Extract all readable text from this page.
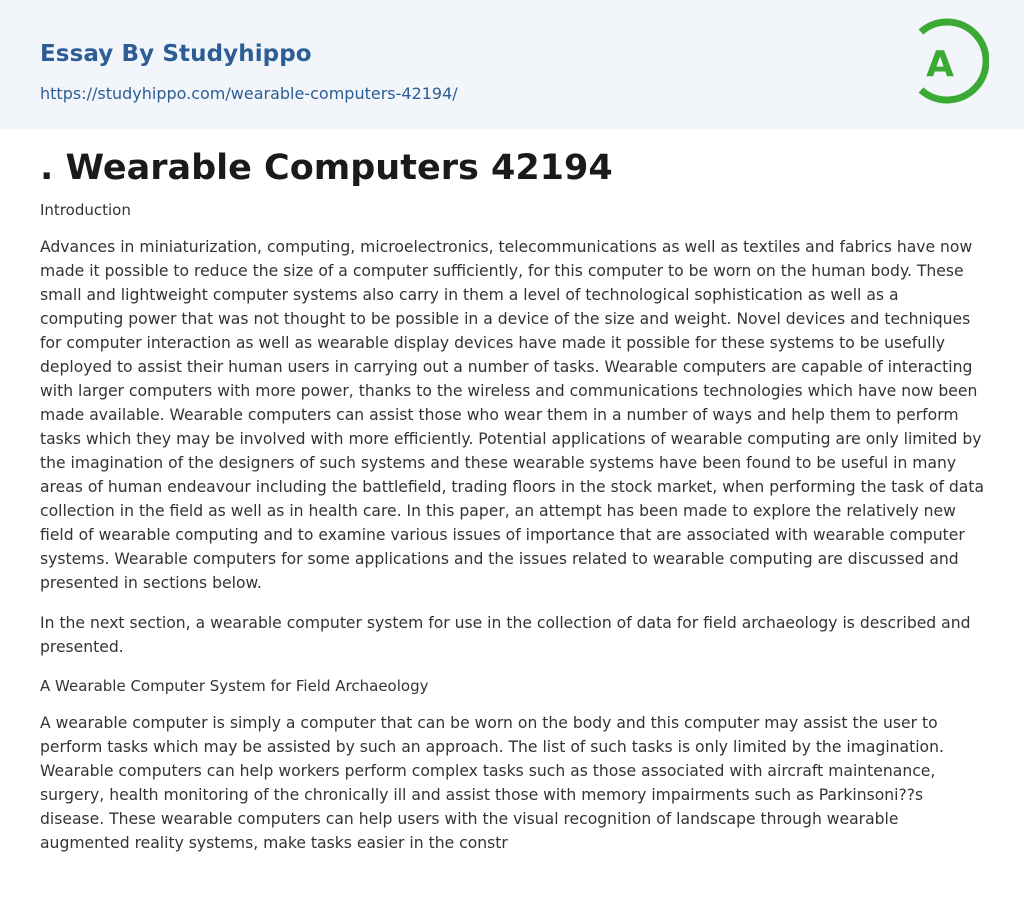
Essay By Studyhippo
https://studyhippo.com/wearable-computers-42194/
A
. Wearable Computers 42194

Introduction

Advances in miniaturization, computing, microelectronics, telecommunications as well as textiles and fabrics have now made it possible to reduce the size of a computer sufficiently, for this computer to be worn on the human body. These small and lightweight computer systems also carry in them a level of technological sophistication as well as a computing power that was not thought to be possible in a device of the size and weight. Novel devices and techniques for computer interaction as well as wearable display devices have made it possible for these systems to be usefully deployed to assist their human users in carrying out a number of tasks. Wearable computers are capable of interacting with larger computers with more power, thanks to the wireless and communications technologies which have now been made available. Wearable computers can assist those who wear them in a number of ways and help them to perform tasks which they may be involved with more efficiently. Potential applications of wearable computing are only limited by the imagination of the designers of such systems and these wearable systems have been found to be useful in many areas of human endeavour including the battlefield, trading floors in the stock market, when performing the task of data collection in the field as well as in health care. In this paper, an attempt has been made to explore the relatively new field of wearable computing and to examine various issues of importance that are associated with wearable computer systems. Wearable computers for some applications and the issues related to wearable computing are discussed and presented in sections below.

In the next section, a wearable computer system for use in the collection of data for field archaeology is described and presented.

A Wearable Computer System for Field Archaeology

A wearable computer is simply a computer that can be worn on the body and this computer may assist the user to perform tasks which may be assisted by such an approach. The list of such tasks is only limited by the imagination. Wearable computers can help workers perform complex tasks such as those associated with aircraft maintenance, surgery, health monitoring of the chronically ill and assist those with memory impairments such as Parkinsoni??s disease. These wearable computers can help users with the visual recognition of landscape through wearable augmented reality systems, make tasks easier in the constr
